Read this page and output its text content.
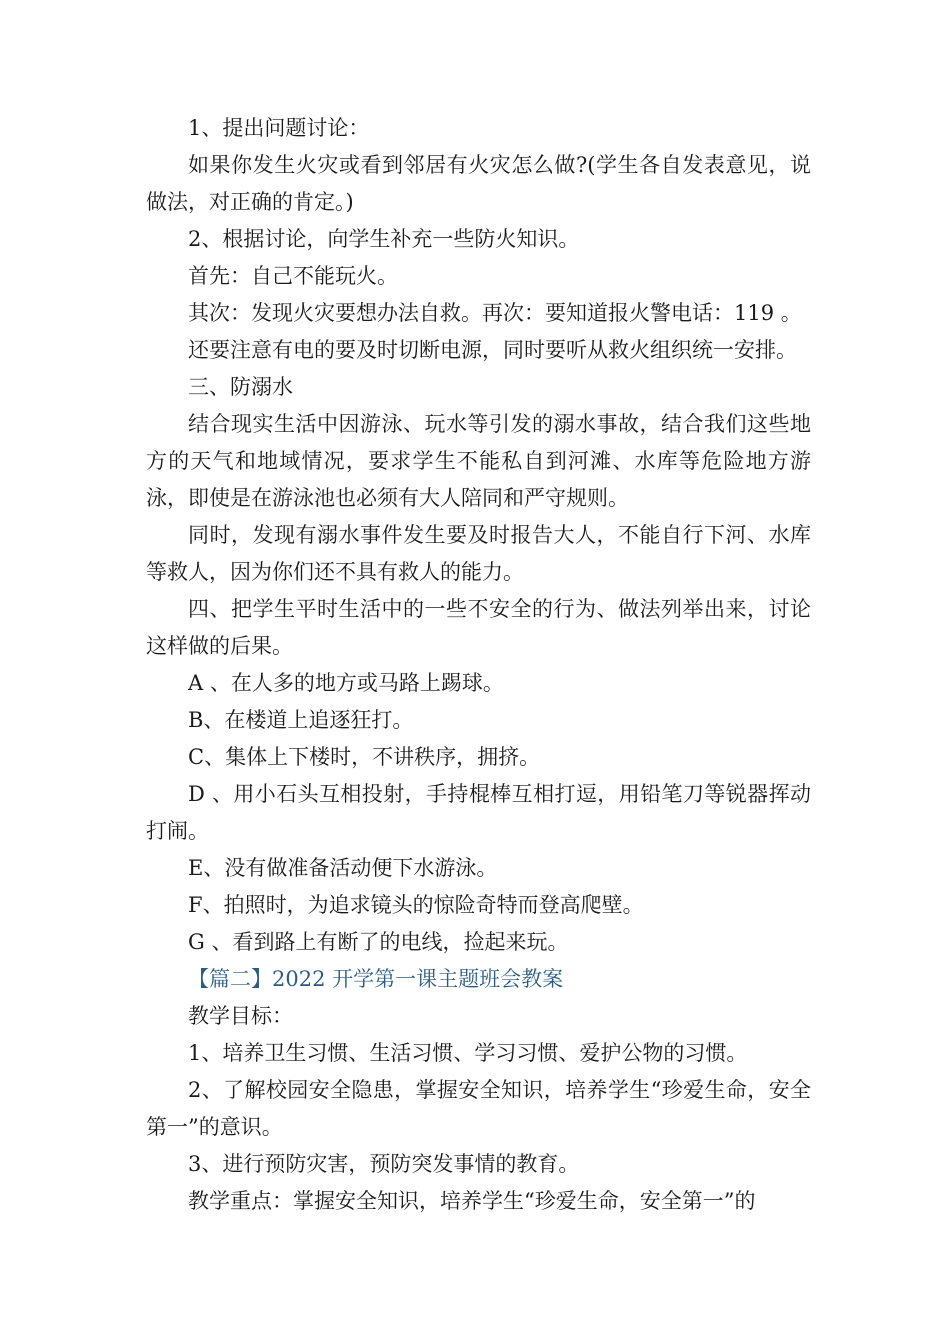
1、提出问题讨论：

如果你发生火灾或看到邻居有火灾怎么做?(学生各自发表意见，说做法，对正确的肯定。)

2、根据讨论，向学生补充一些防火知识。

首先：自己不能玩火。

其次：发现火灾要想办法自救。再次：要知道报火警电话：119 。

还要注意有电的要及时切断电源，同时要听从救火组织统一安排。

三、防溺水

结合现实生活中因游泳、玩水等引发的溺水事故，结合我们这些地方的天气和地域情况，要求学生不能私自到河滩、水库等危险地方游泳，即使是在游泳池也必须有大人陪同和严守规则。

同时，发现有溺水事件发生要及时报告大人，不能自行下河、水库等救人，因为你们还不具有救人的能力。

四、把学生平时生活中的一些不安全的行为、做法列举出来，讨论这样做的后果。

A 、在人多的地方或马路上踢球。

B、在楼道上追逐狂打。

C、集体上下楼时，不讲秩序，拥挤。

D 、用小石头互相投射，手持棍棒互相打逗，用铅笔刀等锐器挥动打闹。

E、没有做准备活动便下水游泳。

F、拍照时，为追求镜头的惊险奇特而登高爬壁。

G 、看到路上有断了的电线，捡起来玩。

【篇二】2022 开学第一课主题班会教案

教学目标：

1、培养卫生习惯、生活习惯、学习习惯、爱护公物的习惯。

2、了解校园安全隐患，掌握安全知识，培养学生“珍爱生命，安全第一”的意识。

3、进行预防灾害，预防突发事情的教育。

教学重点：掌握安全知识，培养学生“珍爱生命，安全第一”的
